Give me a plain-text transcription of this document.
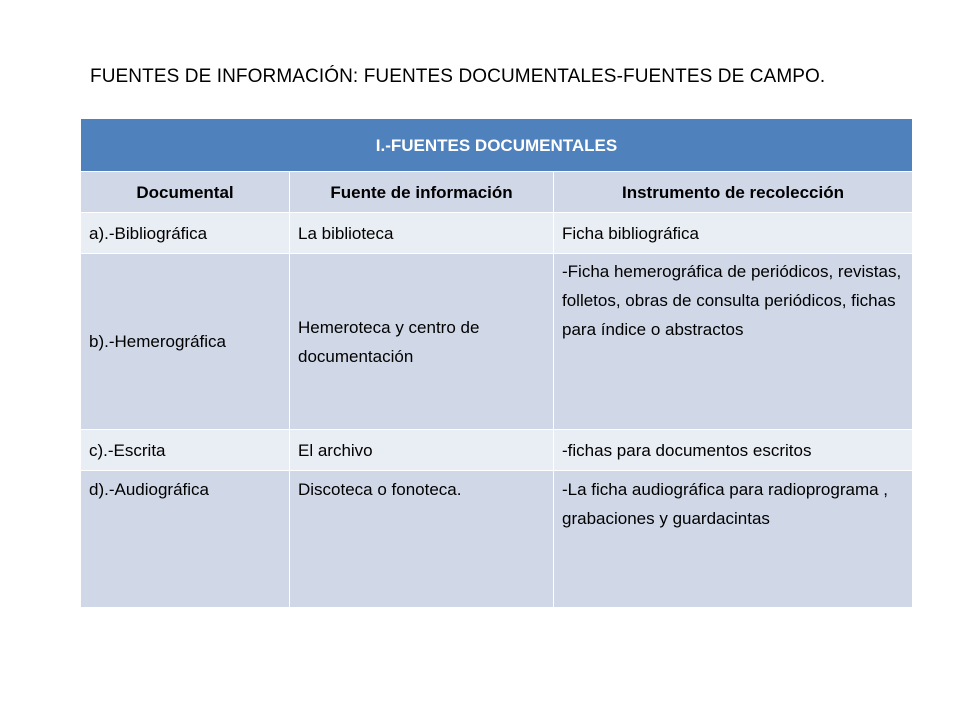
FUENTES DE INFORMACIÓN: FUENTES DOCUMENTALES-FUENTES DE CAMPO.
I.-FUENTES DOCUMENTALES		
Documental	Fuente de información	Instrumento de recolección
a).-Bibliográfica	La biblioteca	Ficha bibliográfica
b).-Hemerográfica	Hemeroteca y centro de documentación	-Ficha hemerográfica de periódicos, revistas, folletos, obras de consulta periódicos, fichas para índice o abstractos
c).-Escrita	El archivo	-fichas para documentos escritos

d).-Audiográfica	Discoteca o fonoteca.	-La ficha audiográfica para radioprograma , grabaciones y guardacintas
